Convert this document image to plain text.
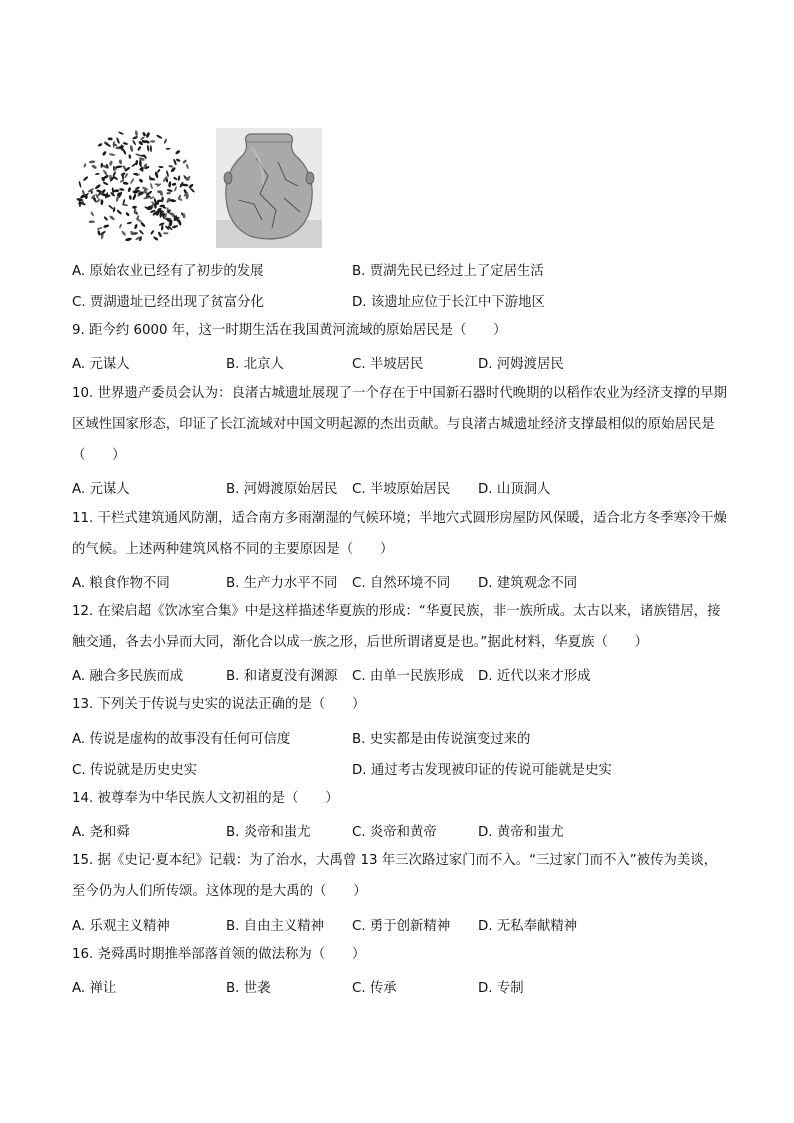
A. 原始农业已经有了初步的发展	B. 贾湖先民已经过上了定居生活
C. 贾湖遗址已经出现了贫富分化	D. 该遗址应位于长江中下游地区
9. 距今约 6000 年，这一时期生活在我国黄河流域的原始居民是（　　）
A. 元谋人	B. 北京人	C. 半坡居民	D. 河姆渡居民
10. 世界遗产委员会认为：良渚古城遗址展现了一个存在于中国新石器时代晚期的以稻作农业为经济支撑的早期区域性国家形态，印证了长江流域对中国文明起源的杰出贡献。与良渚古城遗址经济支撑最相似的原始居民是（　　）
A. 元谋人	B. 河姆渡原始居民 C. 半坡原始居民 D. 山顶洞人
11. 干栏式建筑通风防潮，适合南方多雨潮湿的气候环境；半地穴式圆形房屋防风保暖，适合北方冬季寒冷干燥的气候。上述两种建筑风格不同的主要原因是（　　）
A. 粮食作物不同	B. 生产力水平不同 C. 自然环境不同 D. 建筑观念不同
12. 在梁启超《饮冰室合集》中是这样描述华夏族的形成：“华夏民族，非一族所成。太古以来，诸族错居，接触交通，各去小异而大同，渐化合以成一族之形，后世所谓诸夏是也。”据此材料，华夏族（　　）
A. 融合多民族而成	B. 和诸夏没有渊源 C. 由单一民族形成 D. 近代以来才形成
13. 下列关于传说与史实的说法正确的是（　　）
A. 传说是虚构的故事没有任何可信度	B. 史实都是由传说演变过来的
C. 传说就是历史史实	D. 通过考古发现被印证的传说可能就是史实
14. 被尊奉为中华民族人文初祖的是（　　）
A. 尧和舜	B. 炎帝和蚩尤	C. 炎帝和黄帝	D. 黄帝和蚩尤
15. 据《史记·夏本纪》记载：为了治水，大禹曾 13 年三次路过家门而不入。“三过家门而不入”被传为美谈，至今仍为人们所传颂。这体现的是大禹的（　　）
A. 乐观主义精神	B. 自由主义精神 C. 勇于创新精神 D. 无私奉献精神
16. 尧舜禹时期推举部落首领的做法称为（　　）
A. 禅让	B. 世袭	C. 传承	D. 专制
